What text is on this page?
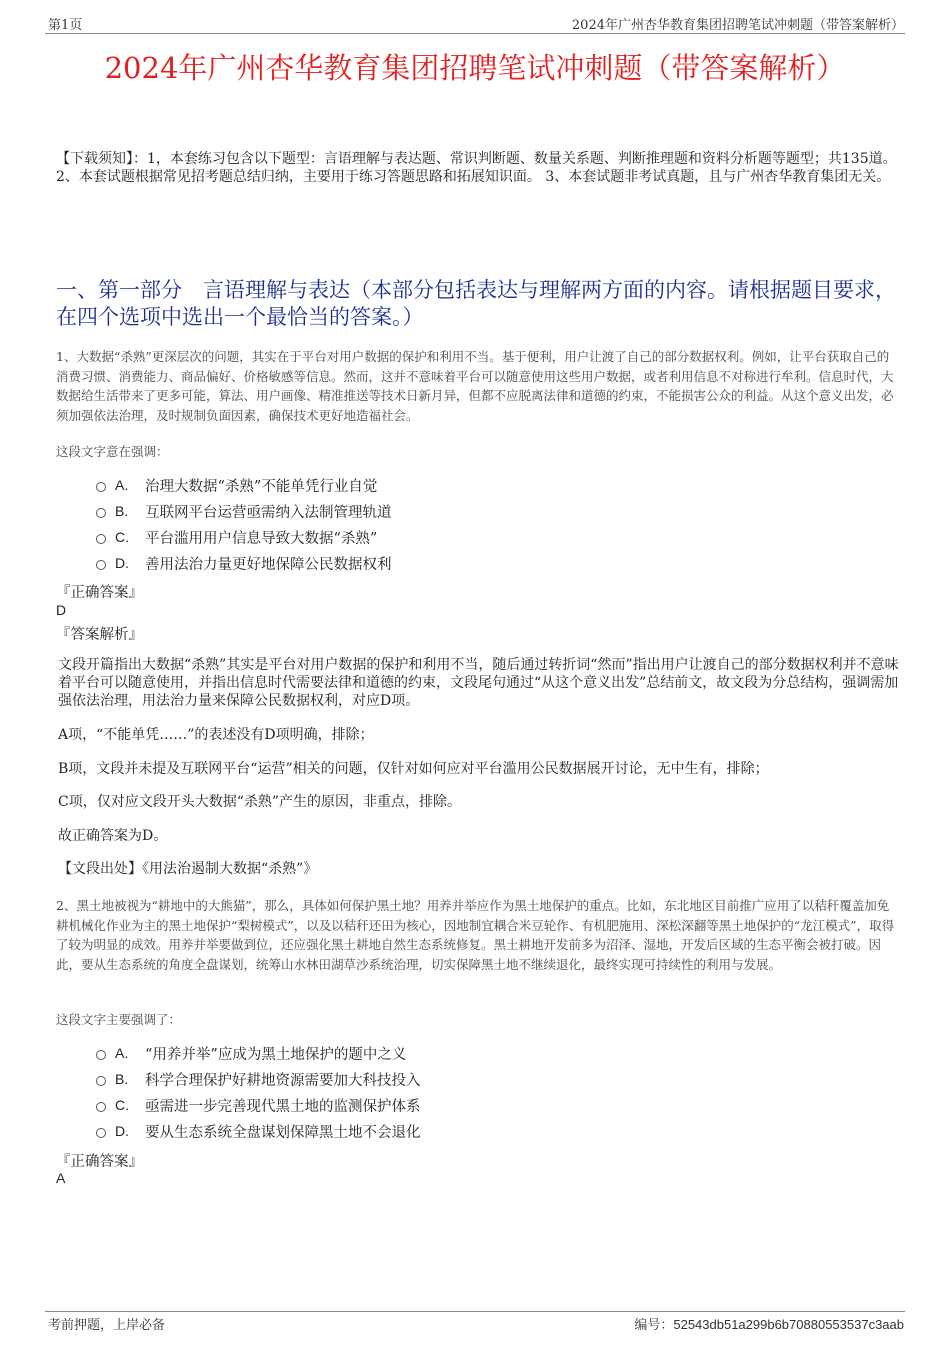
第1页	2024年广州杏华教育集团招聘笔试冲刺题（带答案解析）
2024年广州杏华教育集团招聘笔试冲刺题（带答案解析）
【下载须知】：1，本套练习包含以下题型：言语理解与表达题、常识判断题、数量关系题、判断推理题和资料分析题等题型；共135道。 2、本套试题根据常见招考题总结归纳，主要用于练习答题思路和拓展知识面。 3、本套试题非考试真题，且与广州杏华教育集团无关。
一、第一部分　言语理解与表达（本部分包括表达与理解两方面的内容。请根据题目要求，在四个选项中选出一个最恰当的答案。）
1、大数据“杀熟”更深层次的问题，其实在于平台对用户数据的保护和利用不当。基于便利，用户让渡了自己的部分数据权利。例如，让平台获取自己的消费习惯、消费能力、商品偏好、价格敏感等信息。然而，这并不意味着平台可以随意使用这些用户数据，或者利用信息不对称进行牟利。信息时代，大数据给生活带来了更多可能，算法、用户画像、精准推送等技术日新月异，但都不应脱离法律和道德的约束，不能损害公众的利益。从这个意义出发，必须加强依法治理，及时规制负面因素，确保技术更好地造福社会。
这段文字意在强调：
A.	治理大数据“杀熟”不能单凭行业自觉
B.	互联网平台运营亟需纳入法制管理轨道
C.	平台滥用用户信息导致大数据“杀熟”
D.	善用法治力量更好地保障公民数据权利
『正确答案』
D
『答案解析』
文段开篇指出大数据“杀熟”其实是平台对用户数据的保护和利用不当，随后通过转折词“然而”指出用户让渡自己的部分数据权利并不意味着平台可以随意使用，并指出信息时代需要法律和道德的约束，文段尾句通过“从这个意义出发”总结前文，故文段为分总结构，强调需加强依法治理，用法治力量来保障公民数据权利，对应D项。
A项，“不能单凭……”的表述没有D项明确，排除；
B项，文段并未提及互联网平台“运营”相关的问题，仅针对如何应对平台滥用公民数据展开讨论，无中生有，排除；
C项，仅对应文段开头大数据“杀熟”产生的原因，非重点，排除。
故正确答案为D。
【文段出处】《用法治遏制大数据“杀熟”》
2、黑土地被视为“耕地中的大熊猫”，那么，具体如何保护黑土地？用养并举应作为黑土地保护的重点。比如，东北地区目前推广应用了以秸秆覆盖加免耕机械化作业为主的黑土地保护“梨树模式”，以及以秸秆还田为核心，因地制宜耦合米豆轮作、有机肥施用、深松深翻等黑土地保护的“龙江模式”，取得了较为明显的成效。用养并举要做到位，还应强化黑土耕地自然生态系统修复。黑土耕地开发前多为沼泽、湿地，开发后区域的生态平衡会被打破。因此，要从生态系统的角度全盘谋划，统筹山水林田湖草沙系统治理，切实保障黑土地不继续退化，最终实现可持续性的利用与发展。
这段文字主要强调了：
A.	“用养并举”应成为黑土地保护的题中之义
B.	科学合理保护好耕地资源需要加大科技投入
C.	亟需进一步完善现代黑土地的监测保护体系
D.	要从生态系统全盘谋划保障黑土地不会退化
『正确答案』
A
考前押题，上岸必备	编号：52543db51a299b6b70880553537c3aab
